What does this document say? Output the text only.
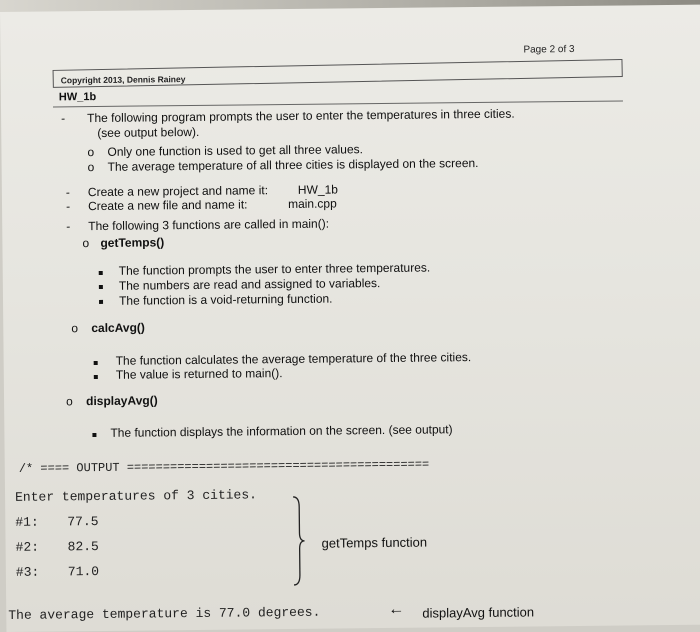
Page 2 of 3
Copyright 2013, Dennis Rainey
HW_1b
- The following program prompts the user to enter the temperatures in three cities.
(see output below).
o Only one function is used to get all three values.
o The average temperature of all three cities is displayed on the screen.
- Create a new project and name it: HW_1b
- Create a new file and name it:	main.cpp
- The following 3 functions are called in main():
o getTemps()
The function prompts the user to enter three temperatures.
The numbers are read and assigned to variables.
The function is a void-returning function.
o calcAvg()
The function calculates the average temperature of the three cities.
The value is returned to main().
o displayAvg()
The function displays the information on the screen. (see output)
/* ==== OUTPUT ==========================================
Enter temperatures of 3 cities.
#1: 77.5
#2: 82.5
#3: 71.0
getTemps function
The average temperature is 77.0 degrees.	← displayAvg function
